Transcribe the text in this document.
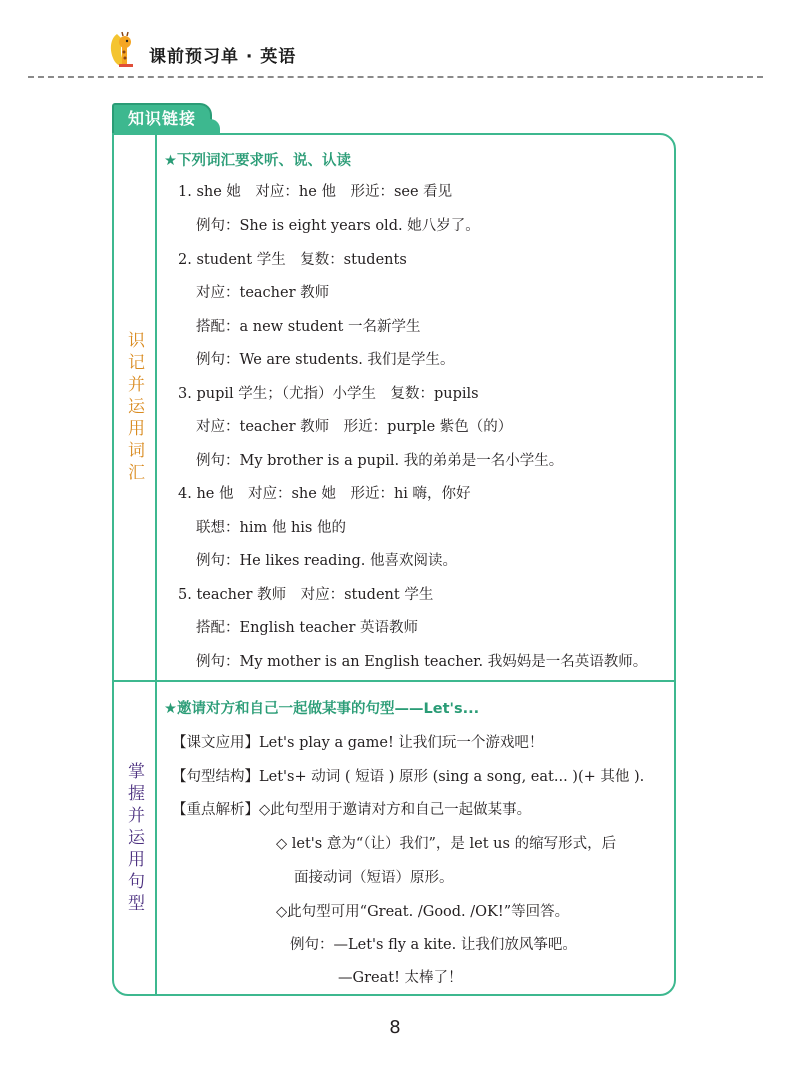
课前预习单 · 英语
知识链接
识记并运用词汇
掌握并运用句型
★下列词汇要求听、说、认读
1. she 她　对应：he 他　形近：see 看见
例句：She is eight years old. 她八岁了。
2. student 学生　复数：students
对应：teacher 教师
搭配：a new student 一名新学生
例句：We are students. 我们是学生。
3. pupil 学生；（尤指）小学生　复数：pupils
对应：teacher 教师　形近：purple 紫色（的）
例句：My brother is a pupil. 我的弟弟是一名小学生。
4. he 他　对应：she 她　形近：hi 嗨，你好
联想：him 他 his 他的
例句：He likes reading. 他喜欢阅读。
5. teacher 教师　对应：student 学生
搭配：English teacher 英语教师
例句：My mother is an English teacher. 我妈妈是一名英语教师。
★邀请对方和自己一起做某事的句型——Let's...
【课文应用】Let's play a game! 让我们玩一个游戏吧！
【句型结构】Let's+ 动词 ( 短语 ) 原形 (sing a song, eat... )(+ 其他 ).
【重点解析】◇此句型用于邀请对方和自己一起做某事。
◇ let's 意为“（让）我们”，是 let us 的缩写形式，后
面接动词（短语）原形。
◇此句型可用“Great. /Good. /OK!”等回答。
例句：—Let's fly a kite. 让我们放风筝吧。
—Great! 太棒了！
8
